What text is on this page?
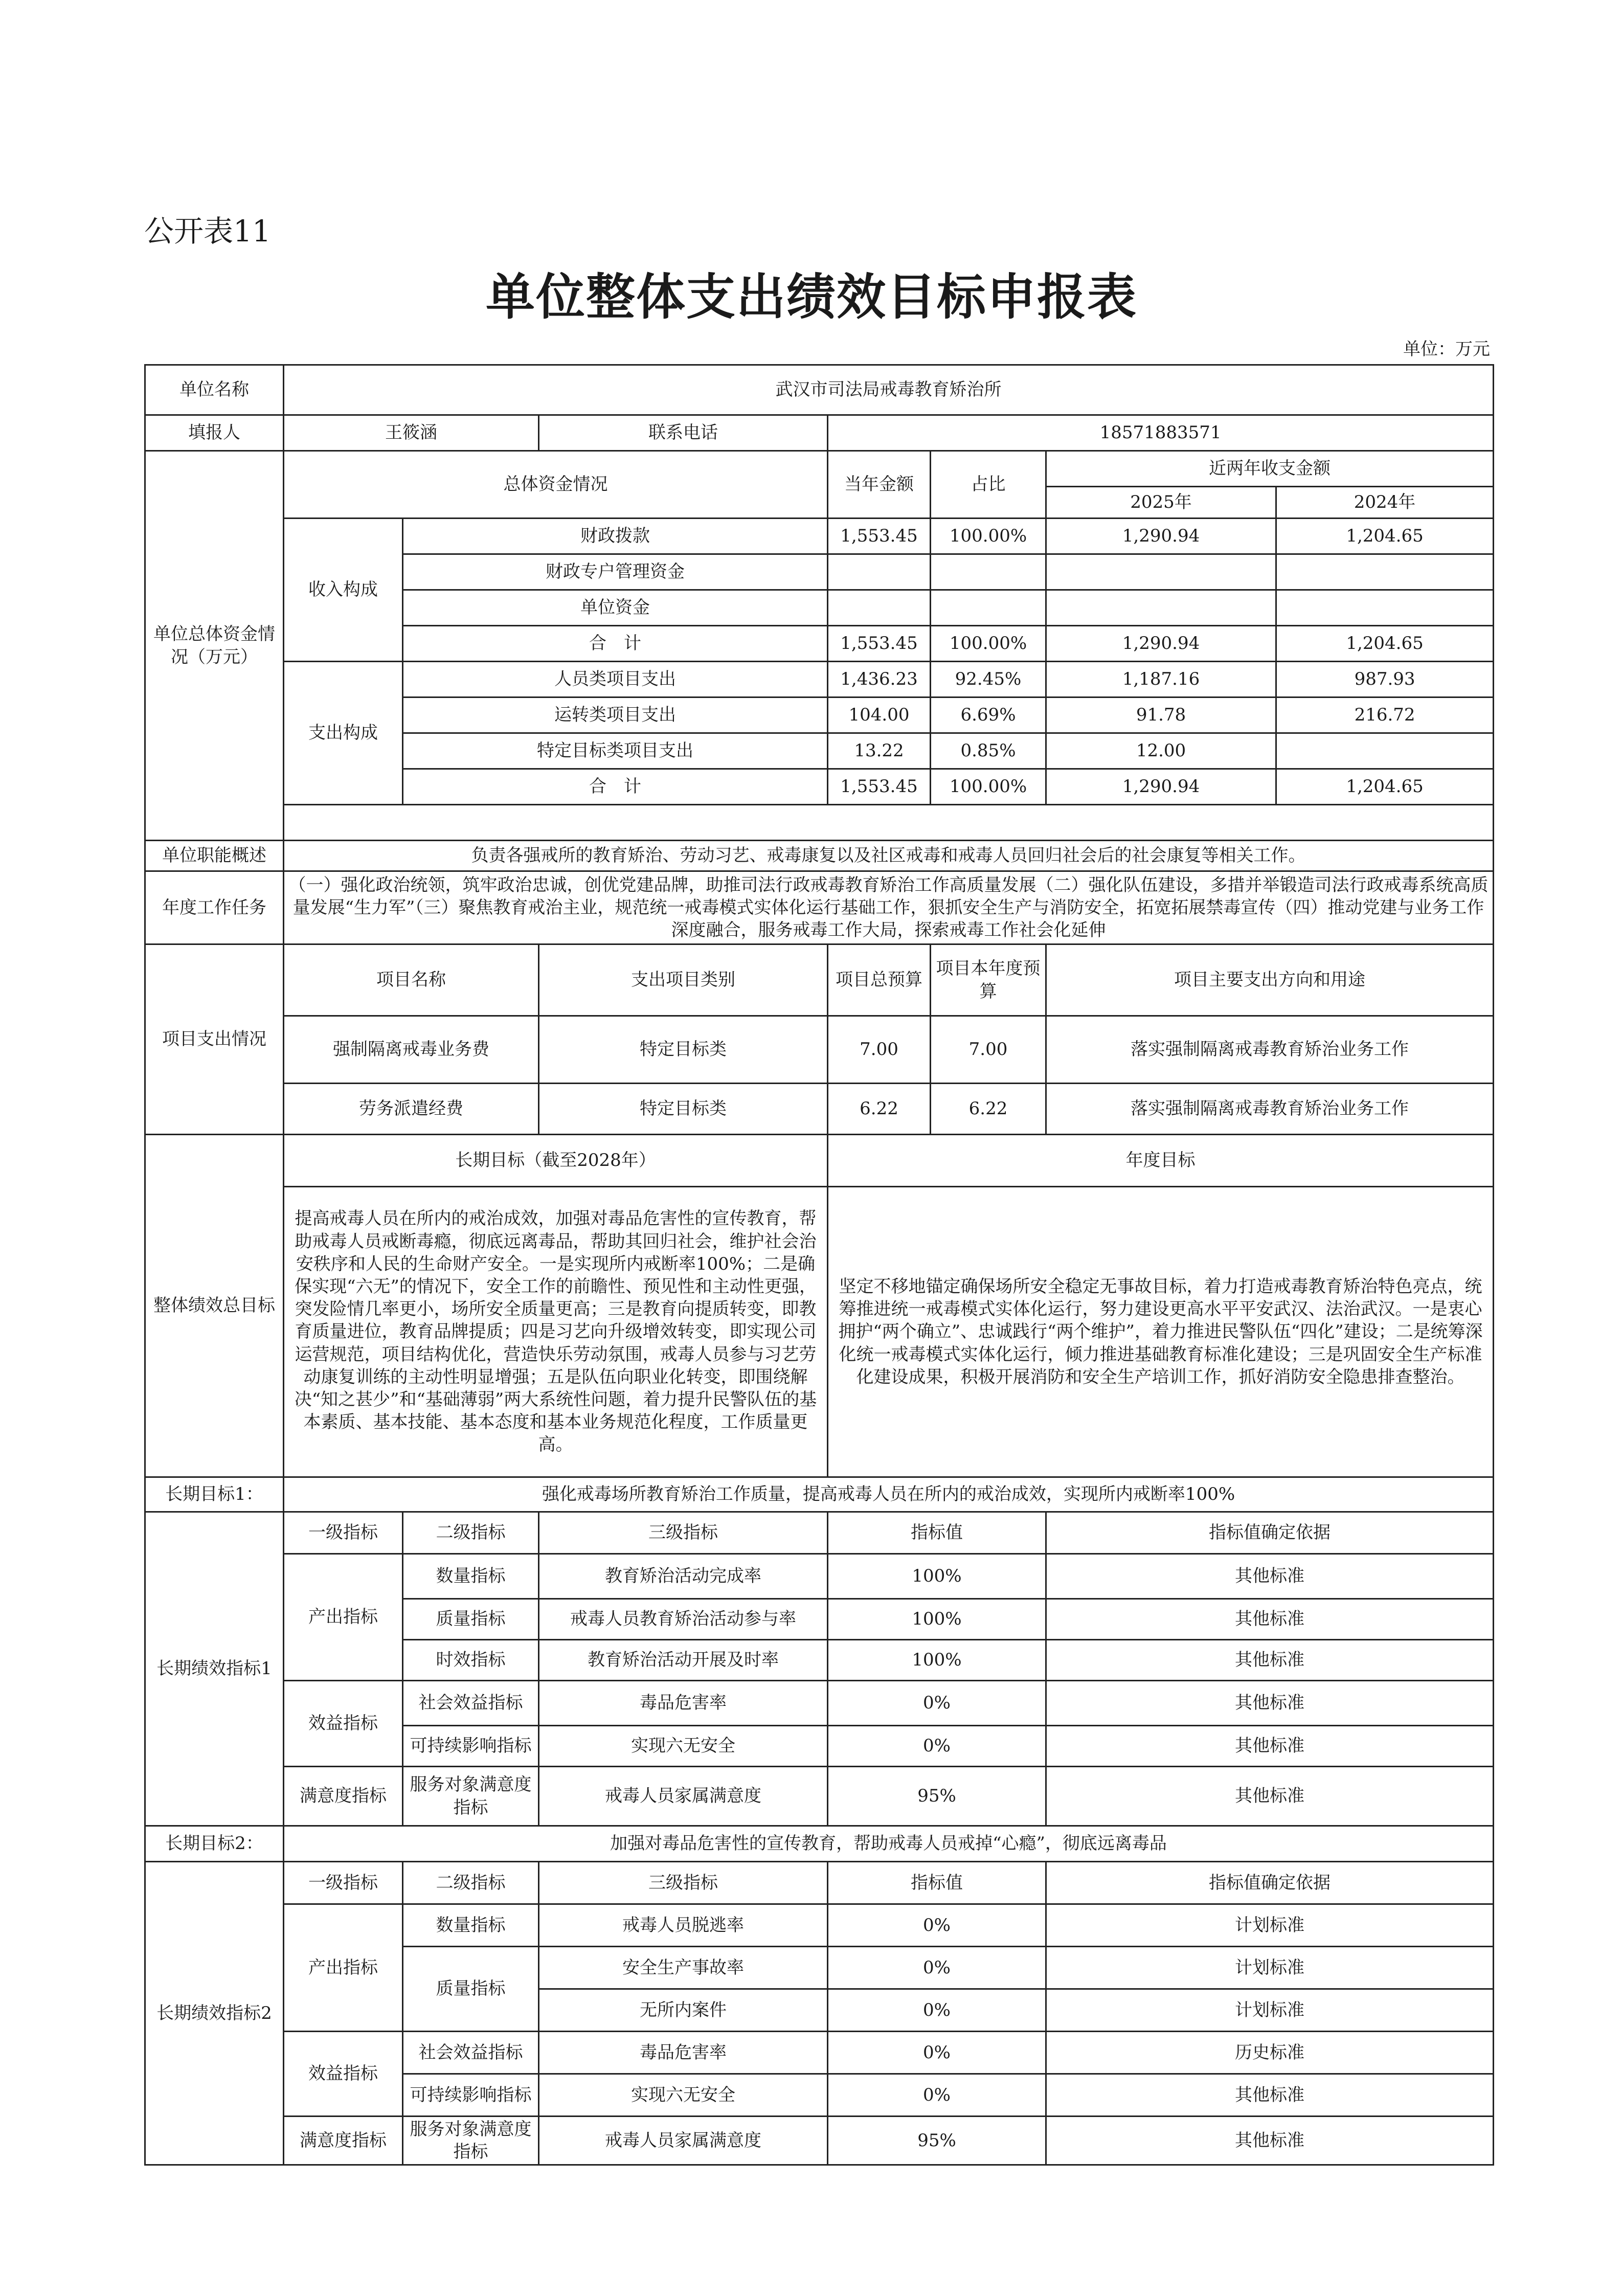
公开表11
单位整体支出绩效目标申报表
单位：万元
单位名称	武汉市司法局戒毒教育矫治所						
填报人	王筱涵		联系电话	18571883571			
单位总体资金情况（万元）	总体资金情况			当年金额	占比	近两年收支金额	
						2025年	2024年
	收入构成	财政拨款		1,553.45	100.00%	1,290.94	1,204.65
		财政专户管理资金					
		单位资金					
		合　计		1,553.45	100.00%	1,290.94	1,204.65
	支出构成	人员类项目支出		1,436.23	92.45%	1,187.16	987.93
		运转类项目支出		104.00	6.69%	91.78	216.72
		特定目标类项目支出		13.22	0.85%	12.00	
		合　计		1,553.45	100.00%	1,290.94	1,204.65

单位职能概述	负责各强戒所的教育矫治、劳动习艺、戒毒康复以及社区戒毒和戒毒人员回归社会后的社会康复等相关工作。						
年度工作任务	（一）强化政治统领，筑牢政治忠诚，创优党建品牌，助推司法行政戒毒教育矫治工作高质量发展（二）强化队伍建设，多措并举锻造司法行政戒毒系统高质量发展“生力军”（三）聚焦教育戒治主业，规范统一戒毒模式实体化运行基础工作，狠抓安全生产与消防安全，拓宽拓展禁毒宣传（四）推动党建与业务工作深度融合，服务戒毒工作大局，探索戒毒工作社会化延伸						
项目支出情况	项目名称		支出项目类别	项目总预算	项目本年度预算	项目主要支出方向和用途	
	强制隔离戒毒业务费		特定目标类	7.00	7.00	落实强制隔离戒毒教育矫治业务工作	
	劳务派遣经费		特定目标类	6.22	6.22	落实强制隔离戒毒教育矫治业务工作	
整体绩效总目标	长期目标（截至2028年）			年度目标			
	提高戒毒人员在所内的戒治成效，加强对毒品危害性的宣传教育，帮助戒毒人员戒断毒瘾，彻底远离毒品，帮助其回归社会，维护社会治安秩序和人民的生命财产安全。一是实现所内戒断率100%；二是确保实现“六无”的情况下，安全工作的前瞻性、预见性和主动性更强，突发险情几率更小，场所安全质量更高；三是教育向提质转变，即教育质量进位，教育品牌提质；四是习艺向升级增效转变，即实现公司运营规范，项目结构优化，营造快乐劳动氛围，戒毒人员参与习艺劳动康复训练的主动性明显增强；五是队伍向职业化转变，即围绕解决“知之甚少”和“基础薄弱”两大系统性问题，着力提升民警队伍的基本素质、基本技能、基本态度和基本业务规范化程度，工作质量更高。			坚定不移地锚定确保场所安全稳定无事故目标，着力打造戒毒教育矫治特色亮点，统筹推进统一戒毒模式实体化运行，努力建设更高水平平安武汉、法治武汉。一是衷心拥护“两个确立”、忠诚践行“两个维护”，着力推进民警队伍“四化”建设；二是统筹深化统一戒毒模式实体化运行，倾力推进基础教育标准化建设；三是巩固安全生产标准化建设成果，积极开展消防和安全生产培训工作，抓好消防安全隐患排查整治。			
长期目标1：	强化戒毒场所教育矫治工作质量，提高戒毒人员在所内的戒治成效，实现所内戒断率100%						
长期绩效指标1	一级指标	二级指标	三级指标	指标值		指标值确定依据	
	产出指标	数量指标	教育矫治活动完成率	100%		其他标准	
		质量指标	戒毒人员教育矫治活动参与率	100%		其他标准	
		时效指标	教育矫治活动开展及时率	100%		其他标准	
	效益指标	社会效益指标	毒品危害率	0%		其他标准	
		可持续影响指标	实现六无安全	0%		其他标准	
	满意度指标	服务对象满意度指标	戒毒人员家属满意度	95%		其他标准	
长期目标2：	加强对毒品危害性的宣传教育，帮助戒毒人员戒掉“心瘾”，彻底远离毒品						
长期绩效指标2	一级指标	二级指标	三级指标	指标值		指标值确定依据	
	产出指标	数量指标	戒毒人员脱逃率	0%		计划标准	
		质量指标	安全生产事故率	0%		计划标准	
			无所内案件	0%		计划标准	
	效益指标	社会效益指标	毒品危害率	0%		历史标准	
		可持续影响指标	实现六无安全	0%		其他标准	
	满意度指标	服务对象满意度指标	戒毒人员家属满意度	95%		其他标准	
